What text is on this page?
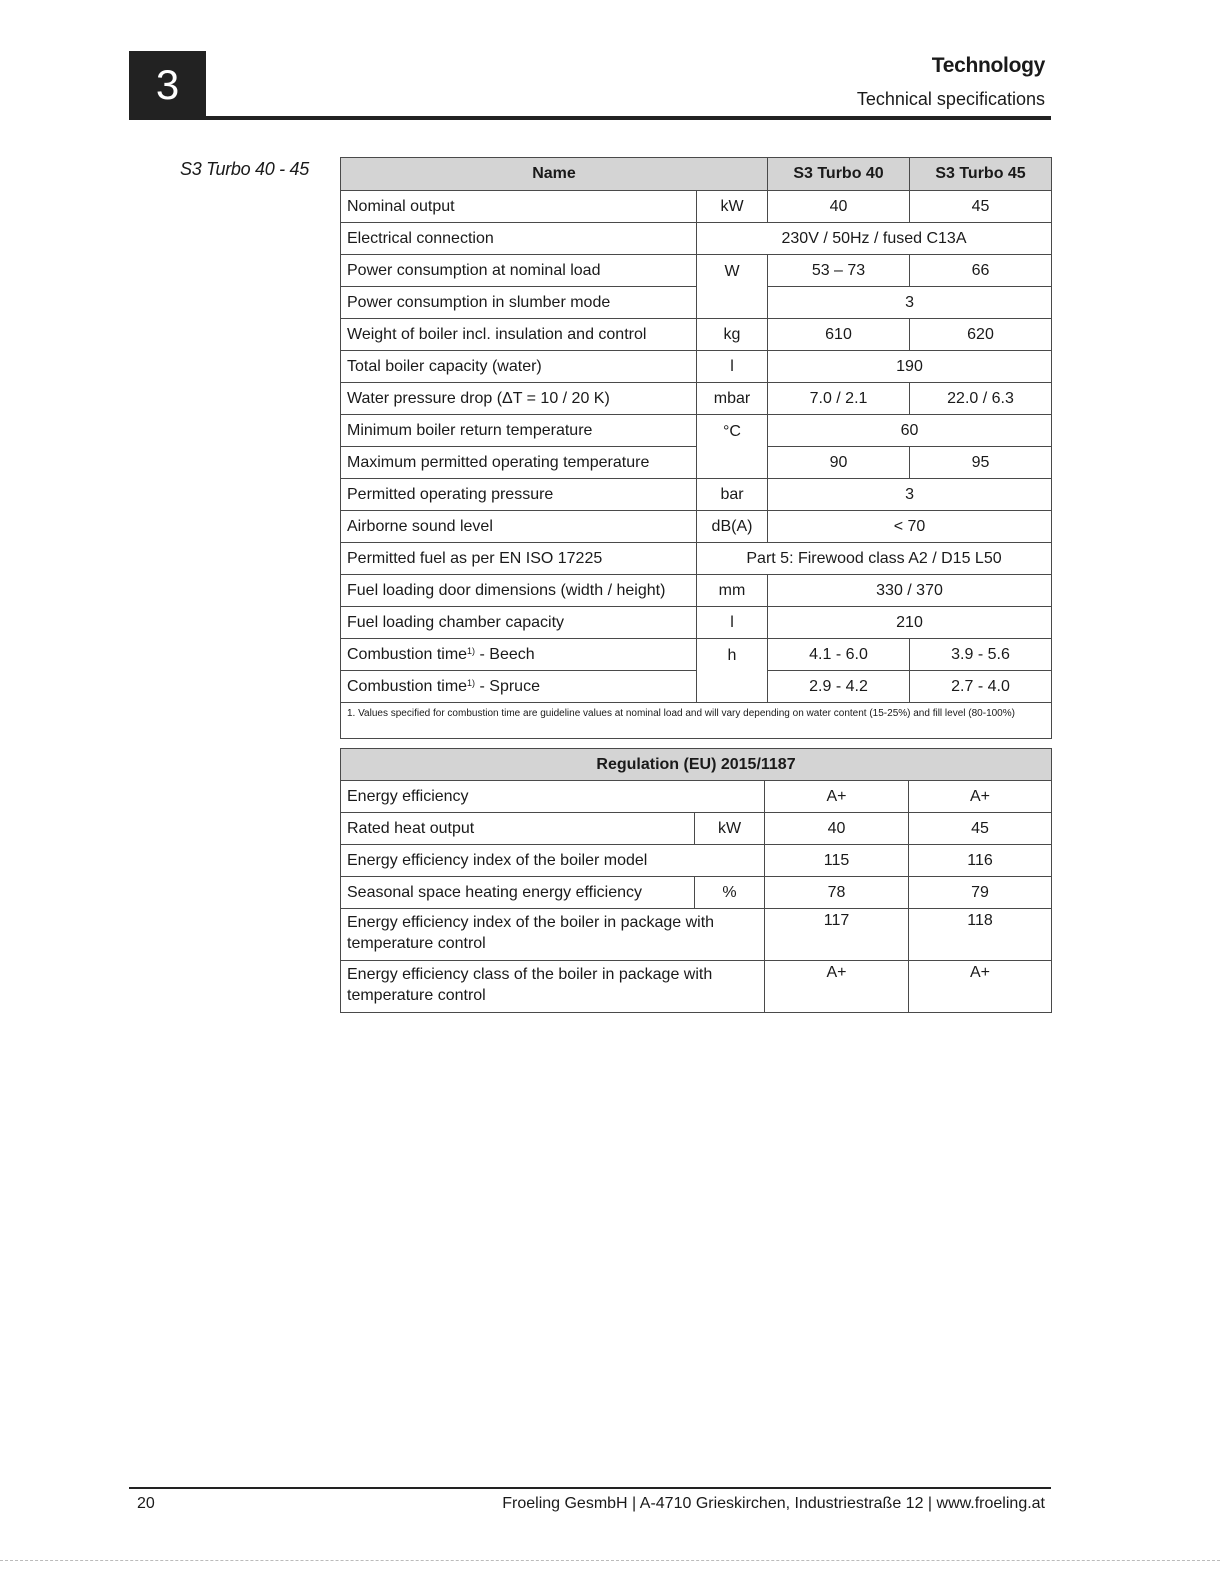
3	Technology
Technical specifications
S3 Turbo 40 - 45	Name		S3 Turbo 40	S3 Turbo 45
Nominal output	kW	40	45
Electrical connection	230V / 50Hz / fused C13A		
Power consumption at nominal load	W	53 – 73	66
Power consumption in slumber mode		3	
Weight of boiler incl. insulation and control	kg	610	620
Total boiler capacity (water)	l	190	
Water pressure drop (ΔT = 10 / 20 K)	mbar	7.0 / 2.1	22.0 / 6.3
Minimum boiler return temperature	°C	60	
Maximum permitted operating temperature		90	95
Permitted operating pressure	bar	3	
Airborne sound level	dB(A)	< 70	
Permitted fuel as per EN ISO 17225	Part 5: Firewood class A2 / D15 L50		
Fuel loading door dimensions (width / height)	mm	330 / 370	
Fuel loading chamber capacity	l	210	
Combustion time$^{1)}$ - Beech	h	4.1 - 6.0	3.9 - 5.6
Combustion time$^{1)}$ - Spruce		2.9 - 4.2	2.7 - 4.0
1. Values specified for combustion time are guideline values at nominal load and will vary depending on water content (15-25%) and fill level (80-100%)			
Regulation (EU) 2015/1187			
Energy efficiency		A+	A+
Rated heat output	kW	40	45
Energy efficiency index of the boiler model		115	116
Seasonal space heating energy efficiency	%	78	79
Energy efficiency index of the boiler in package with temperature control		117	118
Energy efficiency class of the boiler in package with temperature control		A+	A+
20	Froeling GesmbH | A-4710 Grieskirchen, Industriestraße 12 | www.froeling.at
